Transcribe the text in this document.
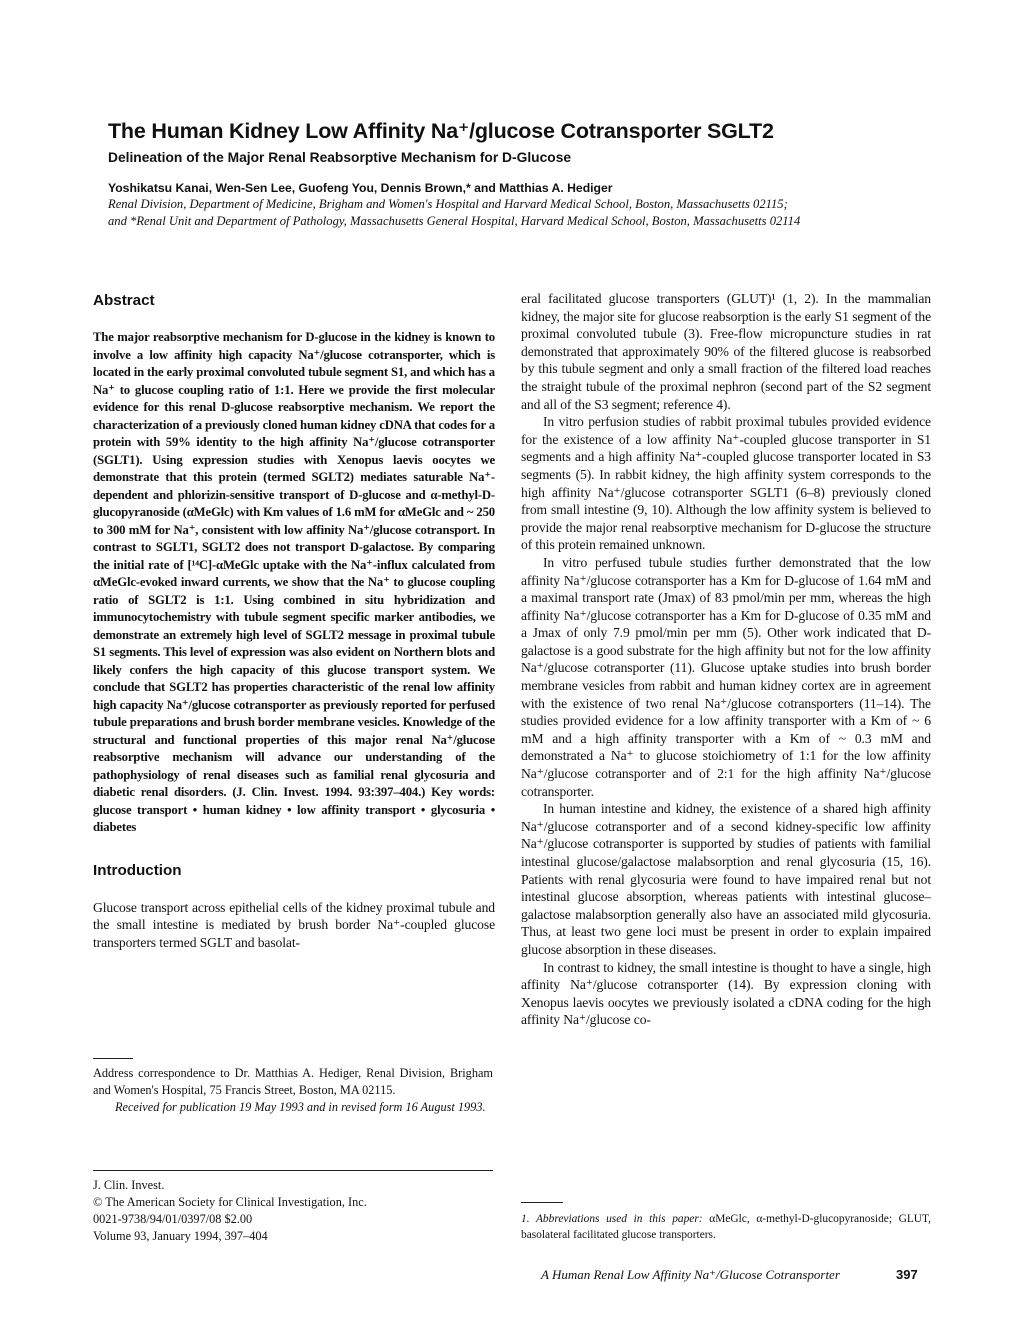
The Human Kidney Low Affinity Na⁺/glucose Cotransporter SGLT2
Delineation of the Major Renal Reabsorptive Mechanism for D-Glucose
Yoshikatsu Kanai, Wen-Sen Lee, Guofeng You, Dennis Brown,* and Matthias A. Hediger
Renal Division, Department of Medicine, Brigham and Women's Hospital and Harvard Medical School, Boston, Massachusetts 02115;
and *Renal Unit and Department of Pathology, Massachusetts General Hospital, Harvard Medical School, Boston, Massachusetts 02114
Abstract
The major reabsorptive mechanism for D-glucose in the kidney is known to involve a low affinity high capacity Na⁺/glucose cotransporter, which is located in the early proximal convoluted tubule segment S1, and which has a Na⁺ to glucose coupling ratio of 1:1. Here we provide the first molecular evidence for this renal D-glucose reabsorptive mechanism. We report the characterization of a previously cloned human kidney cDNA that codes for a protein with 59% identity to the high affinity Na⁺/glucose cotransporter (SGLT1). Using expression studies with Xenopus laevis oocytes we demonstrate that this protein (termed SGLT2) mediates saturable Na⁺-dependent and phlorizin-sensitive transport of D-glucose and α-methyl-D-glucopyranoside (αMeGlc) with Km values of 1.6 mM for αMeGlc and ~ 250 to 300 mM for Na⁺, consistent with low affinity Na⁺/glucose cotransport. In contrast to SGLT1, SGLT2 does not transport D-galactose. By comparing the initial rate of [¹⁴C]-αMeGlc uptake with the Na⁺-influx calculated from αMeGlc-evoked inward currents, we show that the Na⁺ to glucose coupling ratio of SGLT2 is 1:1. Using combined in situ hybridization and immunocytochemistry with tubule segment specific marker antibodies, we demonstrate an extremely high level of SGLT2 message in proximal tubule S1 segments. This level of expression was also evident on Northern blots and likely confers the high capacity of this glucose transport system. We conclude that SGLT2 has properties characteristic of the renal low affinity high capacity Na⁺/glucose cotransporter as previously reported for perfused tubule preparations and brush border membrane vesicles. Knowledge of the structural and functional properties of this major renal Na⁺/glucose reabsorptive mechanism will advance our understanding of the pathophysiology of renal diseases such as familial renal glycosuria and diabetic renal disorders. (J. Clin. Invest. 1994. 93:397–404.) Key words: glucose transport • human kidney • low affinity transport • glycosuria • diabetes
Introduction
Glucose transport across epithelial cells of the kidney proximal tubule and the small intestine is mediated by brush border Na⁺-coupled glucose transporters termed SGLT and basolat-
Address correspondence to Dr. Matthias A. Hediger, Renal Division, Brigham and Women's Hospital, 75 Francis Street, Boston, MA 02115.
Received for publication 19 May 1993 and in revised form 16 August 1993.
J. Clin. Invest.
© The American Society for Clinical Investigation, Inc.
0021-9738/94/01/0397/08 $2.00
Volume 93, January 1994, 397–404

eral facilitated glucose transporters (GLUT)¹ (1, 2). In the mammalian kidney, the major site for glucose reabsorption is the early S1 segment of the proximal convoluted tubule (3). Free-flow micropuncture studies in rat demonstrated that approximately 90% of the filtered glucose is reabsorbed by this tubule segment and only a small fraction of the filtered load reaches the straight tubule of the proximal nephron (second part of the S2 segment and all of the S3 segment; reference 4).

In vitro perfusion studies of rabbit proximal tubules provided evidence for the existence of a low affinity Na⁺-coupled glucose transporter in S1 segments and a high affinity Na⁺-coupled glucose transporter located in S3 segments (5). In rabbit kidney, the high affinity system corresponds to the high affinity Na⁺/glucose cotransporter SGLT1 (6–8) previously cloned from small intestine (9, 10). Although the low affinity system is believed to provide the major renal reabsorptive mechanism for D-glucose the structure of this protein remained unknown.

In vitro perfused tubule studies further demonstrated that the low affinity Na⁺/glucose cotransporter has a Km for D-glucose of 1.64 mM and a maximal transport rate (Jmax) of 83 pmol/min per mm, whereas the high affinity Na⁺/glucose cotransporter has a Km for D-glucose of 0.35 mM and a Jmax of only 7.9 pmol/min per mm (5). Other work indicated that D-galactose is a good substrate for the high affinity but not for the low affinity Na⁺/glucose cotransporter (11). Glucose uptake studies into brush border membrane vesicles from rabbit and human kidney cortex are in agreement with the existence of two renal Na⁺/glucose cotransporters (11–14). The studies provided evidence for a low affinity transporter with a Km of ~ 6 mM and a high affinity transporter with a Km of ~ 0.3 mM and demonstrated a Na⁺ to glucose stoichiometry of 1:1 for the low affinity Na⁺/glucose cotransporter and of 2:1 for the high affinity Na⁺/glucose cotransporter.

In human intestine and kidney, the existence of a shared high affinity Na⁺/glucose cotransporter and of a second kidney-specific low affinity Na⁺/glucose cotransporter is supported by studies of patients with familial intestinal glucose/galactose malabsorption and renal glycosuria (15, 16). Patients with renal glycosuria were found to have impaired renal but not intestinal glucose absorption, whereas patients with intestinal glucose–galactose malabsorption generally also have an associated mild glycosuria. Thus, at least two gene loci must be present in order to explain impaired glucose absorption in these diseases.

In contrast to kidney, the small intestine is thought to have a single, high affinity Na⁺/glucose cotransporter (14). By expression cloning with Xenopus laevis oocytes we previously isolated a cDNA coding for the high affinity Na⁺/glucose co-

1. Abbreviations used in this paper: αMeGlc, α-methyl-D-glucopyranoside; GLUT, basolateral facilitated glucose transporters.
A Human Renal Low Affinity Na⁺/Glucose Cotransporter	397
